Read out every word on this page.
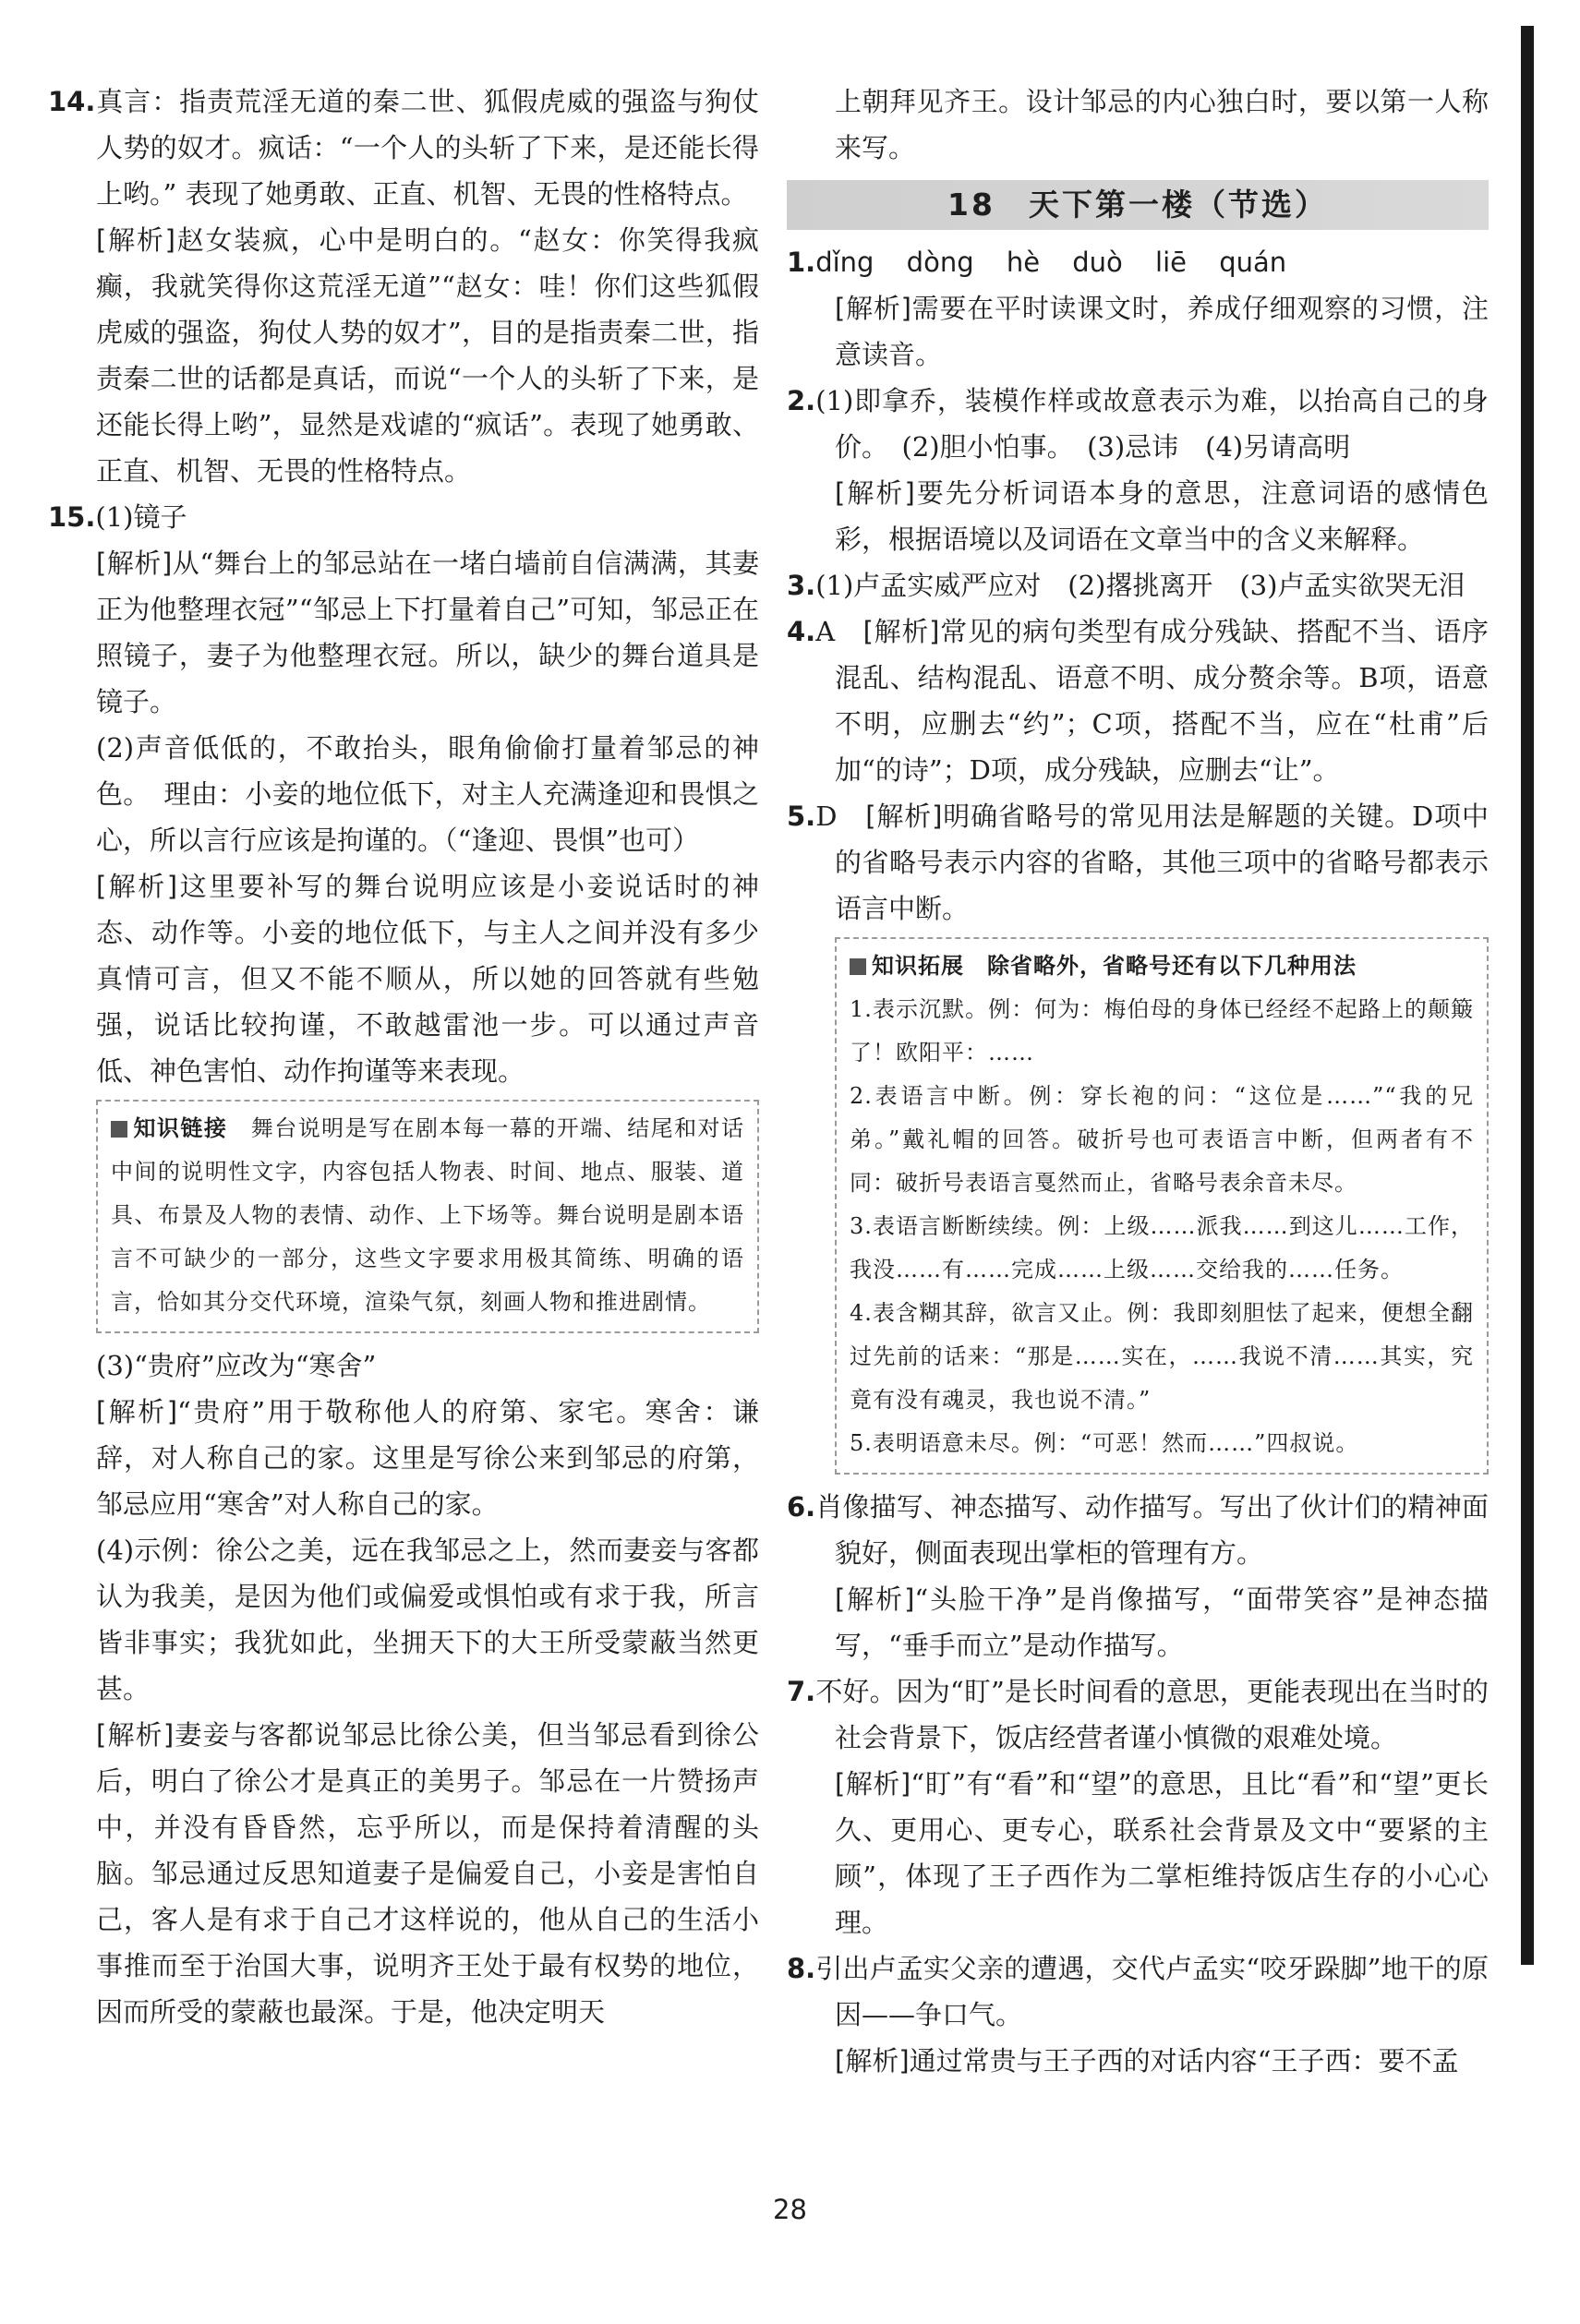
14.真言：指责荒淫无道的秦二世、狐假虎威的强盗与狗仗人势的奴才。疯话：“一个人的头斩了下来，是还能长得上哟。” 表现了她勇敢、正直、机智、无畏的性格特点。

[解析]赵女装疯，心中是明白的。“赵女：你笑得我疯癫，我就笑得你这荒淫无道”“赵女：哇！你们这些狐假虎威的强盗，狗仗人势的奴才”，目的是指责秦二世，指责秦二世的话都是真话，而说“一个人的头斩了下来，是还能长得上哟”，显然是戏谑的“疯话”。表现了她勇敢、正直、机智、无畏的性格特点。

15.(1)镜子

[解析]从“舞台上的邹忌站在一堵白墙前自信满满，其妻正为他整理衣冠”“邹忌上下打量着自己”可知，邹忌正在照镜子，妻子为他整理衣冠。所以，缺少的舞台道具是镜子。

(2)声音低低的，不敢抬头，眼角偷偷打量着邹忌的神色。　理由：小妾的地位低下，对主人充满逢迎和畏惧之心，所以言行应该是拘谨的。（“逢迎、畏惧”也可）

[解析]这里要补写的舞台说明应该是小妾说话时的神态、动作等。小妾的地位低下，与主人之间并没有多少真情可言，但又不能不顺从，所以她的回答就有些勉强，说话比较拘谨，不敢越雷池一步。可以通过声音低、神色害怕、动作拘谨等来表现。

知识链接　 舞台说明是写在剧本每一幕的开端、结尾和对话中间的说明性文字，内容包括人物表、时间、地点、服装、道具、布景及人物的表情、动作、上下场等。舞台说明是剧本语言不可缺少的一部分，这些文字要求用极其简练、明确的语言，恰如其分交代环境，渲染气氛，刻画人物和推进剧情。

(3)“贵府”应改为“寒舍”

[解析]“贵府”用于敬称他人的府第、家宅。寒舍：谦辞，对人称自己的家。这里是写徐公来到邹忌的府第，邹忌应用“寒舍”对人称自己的家。

(4)示例：徐公之美，远在我邹忌之上，然而妻妾与客都认为我美，是因为他们或偏爱或惧怕或有求于我，所言皆非事实；我犹如此，坐拥天下的大王所受蒙蔽当然更甚。

[解析]妻妾与客都说邹忌比徐公美，但当邹忌看到徐公后，明白了徐公才是真正的美男子。邹忌在一片赞扬声中，并没有昏昏然，忘乎所以，而是保持着清醒的头脑。邹忌通过反思知道妻子是偏爱自己，小妾是害怕自己，客人是有求于自己才这样说的，他从自己的生活小事推而至于治国大事，说明齐王处于最有权势的地位，因而所受的蒙蔽也最深。于是，他决定明天

上朝拜见齐王。设计邹忌的内心独白时，要以第一人称来写。

18　天下第一楼（节选）

1.dǐng dòng hè duò liē quán

[解析]需要在平时读课文时，养成仔细观察的习惯，注意读音。

2.(1)即拿乔，装模作样或故意表示为难，以抬高自己的身价。　(2)胆小怕事。　(3)忌讳　(4)另请高明

[解析]要先分析词语本身的意思，注意词语的感情色彩，根据语境以及词语在文章当中的含义来解释。

3.(1)卢孟实威严应对　(2)撂挑离开　(3)卢孟实欲哭无泪

4.A　 [解析]常见的病句类型有成分残缺、搭配不当、语序混乱、结构混乱、语意不明、成分赘余等。B项，语意不明，应删去“约”；C项，搭配不当，应在“杜甫”后加“的诗”；D项，成分残缺，应删去“让”。

5.D　 [解析]明确省略号的常见用法是解题的关键。D项中的省略号表示内容的省略，其他三项中的省略号都表示语言中断。

知识拓展　 除省略外，省略号还有以下几种用法

1.表示沉默。例：何为：梅伯母的身体已经经不起路上的颠簸了！欧阳平：……

2.表语言中断。例：穿长袍的问：“这位是……”“我的兄弟。”戴礼帽的回答。破折号也可表语言中断，但两者有不同：破折号表语言戛然而止，省略号表余音未尽。

3.表语言断断续续。例：上级……派我……到这儿……工作，我没……有……完成……上级……交给我的……任务。

4.表含糊其辞，欲言又止。例：我即刻胆怯了起来，便想全翻过先前的话来：“那是……实在，……我说不清……其实，究竟有没有魂灵，我也说不清。”

5.表明语意未尽。例：“可恶！然而……”四叔说。

6.肖像描写、神态描写、动作描写。写出了伙计们的精神面貌好，侧面表现出掌柜的管理有方。

[解析]“头脸干净”是肖像描写，“面带笑容”是神态描写，“垂手而立”是动作描写。

7.不好。因为“盯”是长时间看的意思，更能表现出在当时的社会背景下，饭店经营者谨小慎微的艰难处境。

[解析]“盯”有“看”和“望”的意思，且比“看”和“望”更长久、更用心、更专心，联系社会背景及文中“要紧的主顾”，体现了王子西作为二掌柜维持饭店生存的小心心理。

8.引出卢孟实父亲的遭遇，交代卢孟实“咬牙跺脚”地干的原因——争口气。

[解析]通过常贵与王子西的对话内容“王子西：要不孟

28
